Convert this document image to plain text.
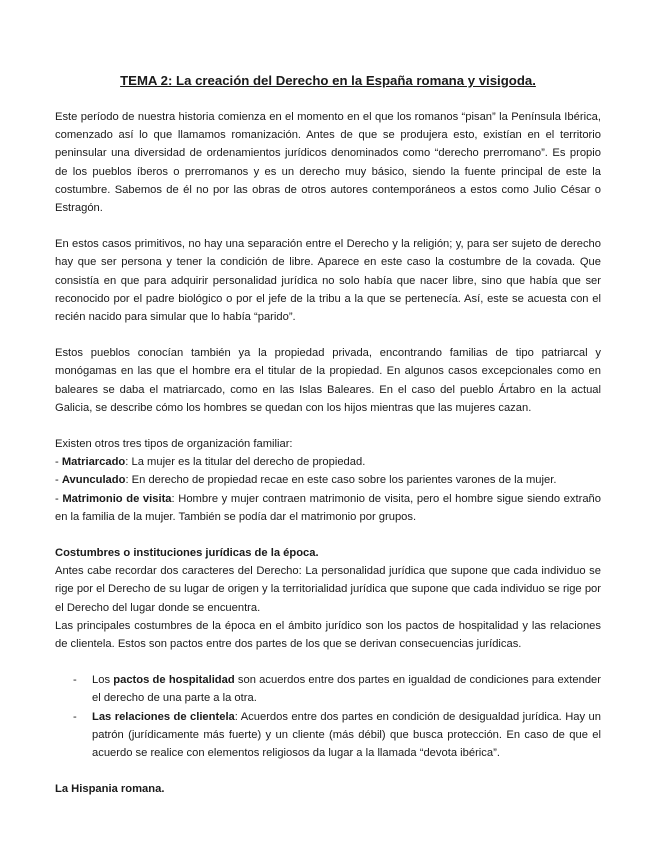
TEMA 2: La creación del Derecho en la España romana y visigoda.

Este período de nuestra historia comienza en el momento en el que los romanos “pisan” la Península Ibérica, comenzado así lo que llamamos romanización. Antes de que se produjera esto, existían en el territorio peninsular una diversidad de ordenamientos jurídicos denominados como “derecho prerromano”. Es propio de los pueblos íberos o prerromanos y es un derecho muy básico, siendo la fuente principal de este la costumbre. Sabemos de él no por las obras de otros autores contemporáneos a estos como Julio César o Estragón.

En estos casos primitivos, no hay una separación entre el Derecho y la religión; y, para ser sujeto de derecho hay que ser persona y tener la condición de libre. Aparece en este caso la costumbre de la covada. Que consistía en que para adquirir personalidad jurídica no solo había que nacer libre, sino que había que ser reconocido por el padre biológico o por el jefe de la tribu a la que se pertenecía. Así, este se acuesta con el recién nacido para simular que lo había “parido”.

Estos pueblos conocían también ya la propiedad privada, encontrando familias de tipo patriarcal y monógamas en las que el hombre era el titular de la propiedad. En algunos casos excepcionales como en baleares se daba el matriarcado, como en las Islas Baleares. En el caso del pueblo Ártabro en la actual Galicia, se describe cómo los hombres se quedan con los hijos mientras que las mujeres cazan.

Existen otros tres tipos de organización familiar:

- Matriarcado: La mujer es la titular del derecho de propiedad.

- Avunculado: En derecho de propiedad recae en este caso sobre los parientes varones de la mujer.

- Matrimonio de visita: Hombre y mujer contraen matrimonio de visita, pero el hombre sigue siendo extraño en la familia de la mujer. También se podía dar el matrimonio por grupos.

Costumbres o instituciones jurídicas de la época.

Antes cabe recordar dos caracteres del Derecho: La personalidad jurídica que supone que cada individuo se rige por el Derecho de su lugar de origen y la territorialidad jurídica que supone que cada individuo se rige por el Derecho del lugar donde se encuentra.

Las principales costumbres de la época en el ámbito jurídico son los pactos de hospitalidad y las relaciones de clientela. Estos son pactos entre dos partes de los que se derivan consecuencias jurídicas.

- Los pactos de hospitalidad son acuerdos entre dos partes en igualdad de condiciones para extender el derecho de una parte a la otra.
- Las relaciones de clientela: Acuerdos entre dos partes en condición de desigualdad jurídica. Hay un patrón (jurídicamente más fuerte) y un cliente (más débil) que busca protección. En caso de que el acuerdo se realice con elementos religiosos da lugar a la llamada “devota ibérica”.
La Hispania romana.
